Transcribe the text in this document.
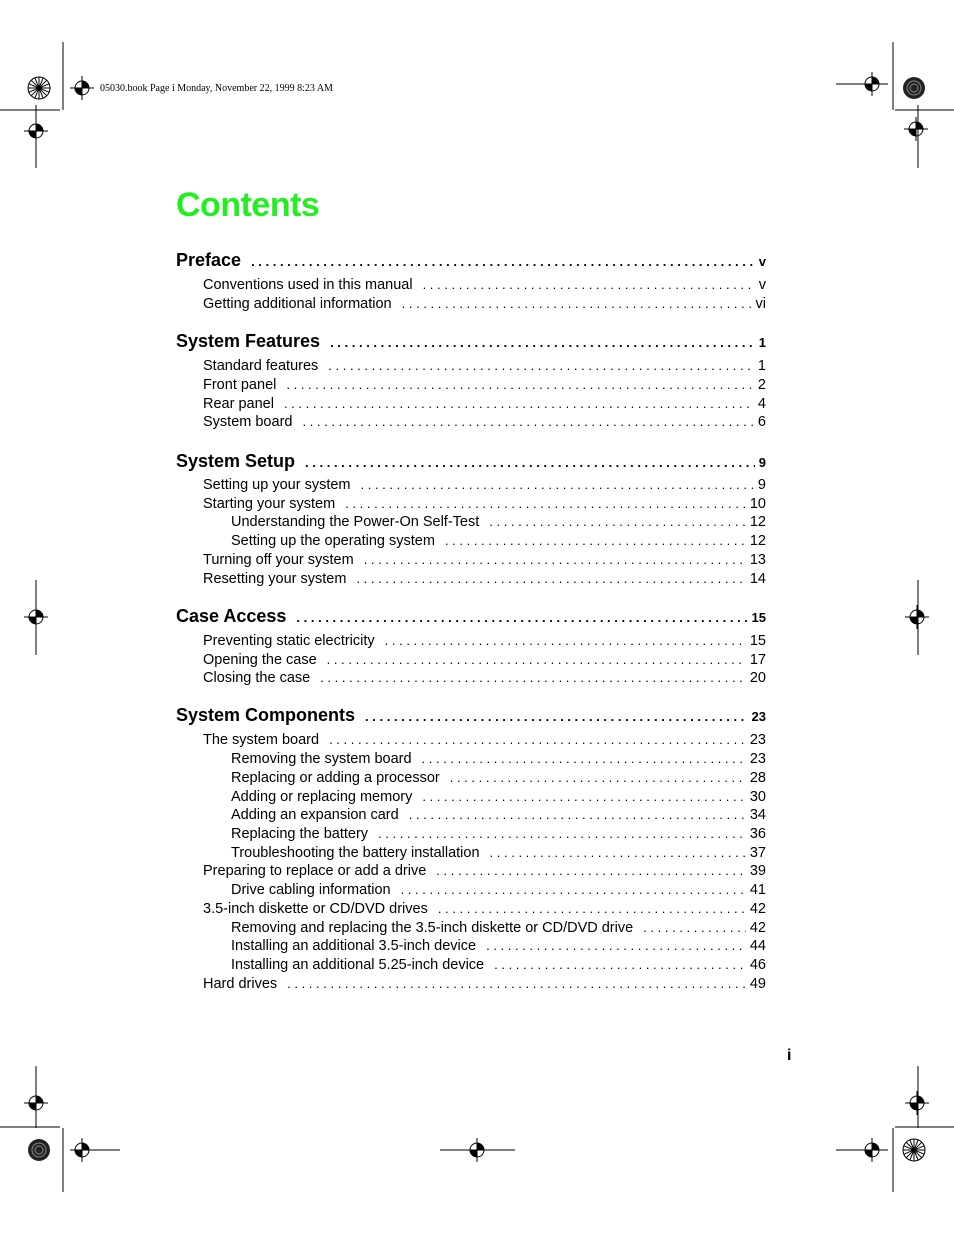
05030.book Page i Monday, November 22, 1999 8:23 AM
Contents
Preface . . .	v
Conventions used in this manual . . .	v
Getting additional information . . .	vi
System Features . . .	1
Standard features . . .	1
Front panel . . .	2
Rear panel . . .	4
System board . . .	6
System Setup . . .	9
Setting up your system . . .	9
Starting your system . . .	10
Understanding the Power-On Self-Test . . .	12
Setting up the operating system . . .	12
Turning off your system . . .	13
Resetting your system . . .	14
Case Access . . .	15
Preventing static electricity . . .	15
Opening the case . . .	17
Closing the case . . .	20
System Components . . .	23
The system board . . .	23
Removing the system board . . .	23
Replacing or adding a processor . . .	28
Adding or replacing memory . . .	30
Adding an expansion card . . .	34
Replacing the battery . . .	36
Troubleshooting the battery installation . . .	37
Preparing to replace or add a drive . . .	39
Drive cabling information . . .	41
3.5-inch diskette or CD/DVD drives . . .	42
Removing and replacing the 3.5-inch diskette or CD/DVD drive . . .	42
Installing an additional 3.5-inch device . . .	44
Installing an additional 5.25-inch device . . .	46
Hard drives . . .	49
i
